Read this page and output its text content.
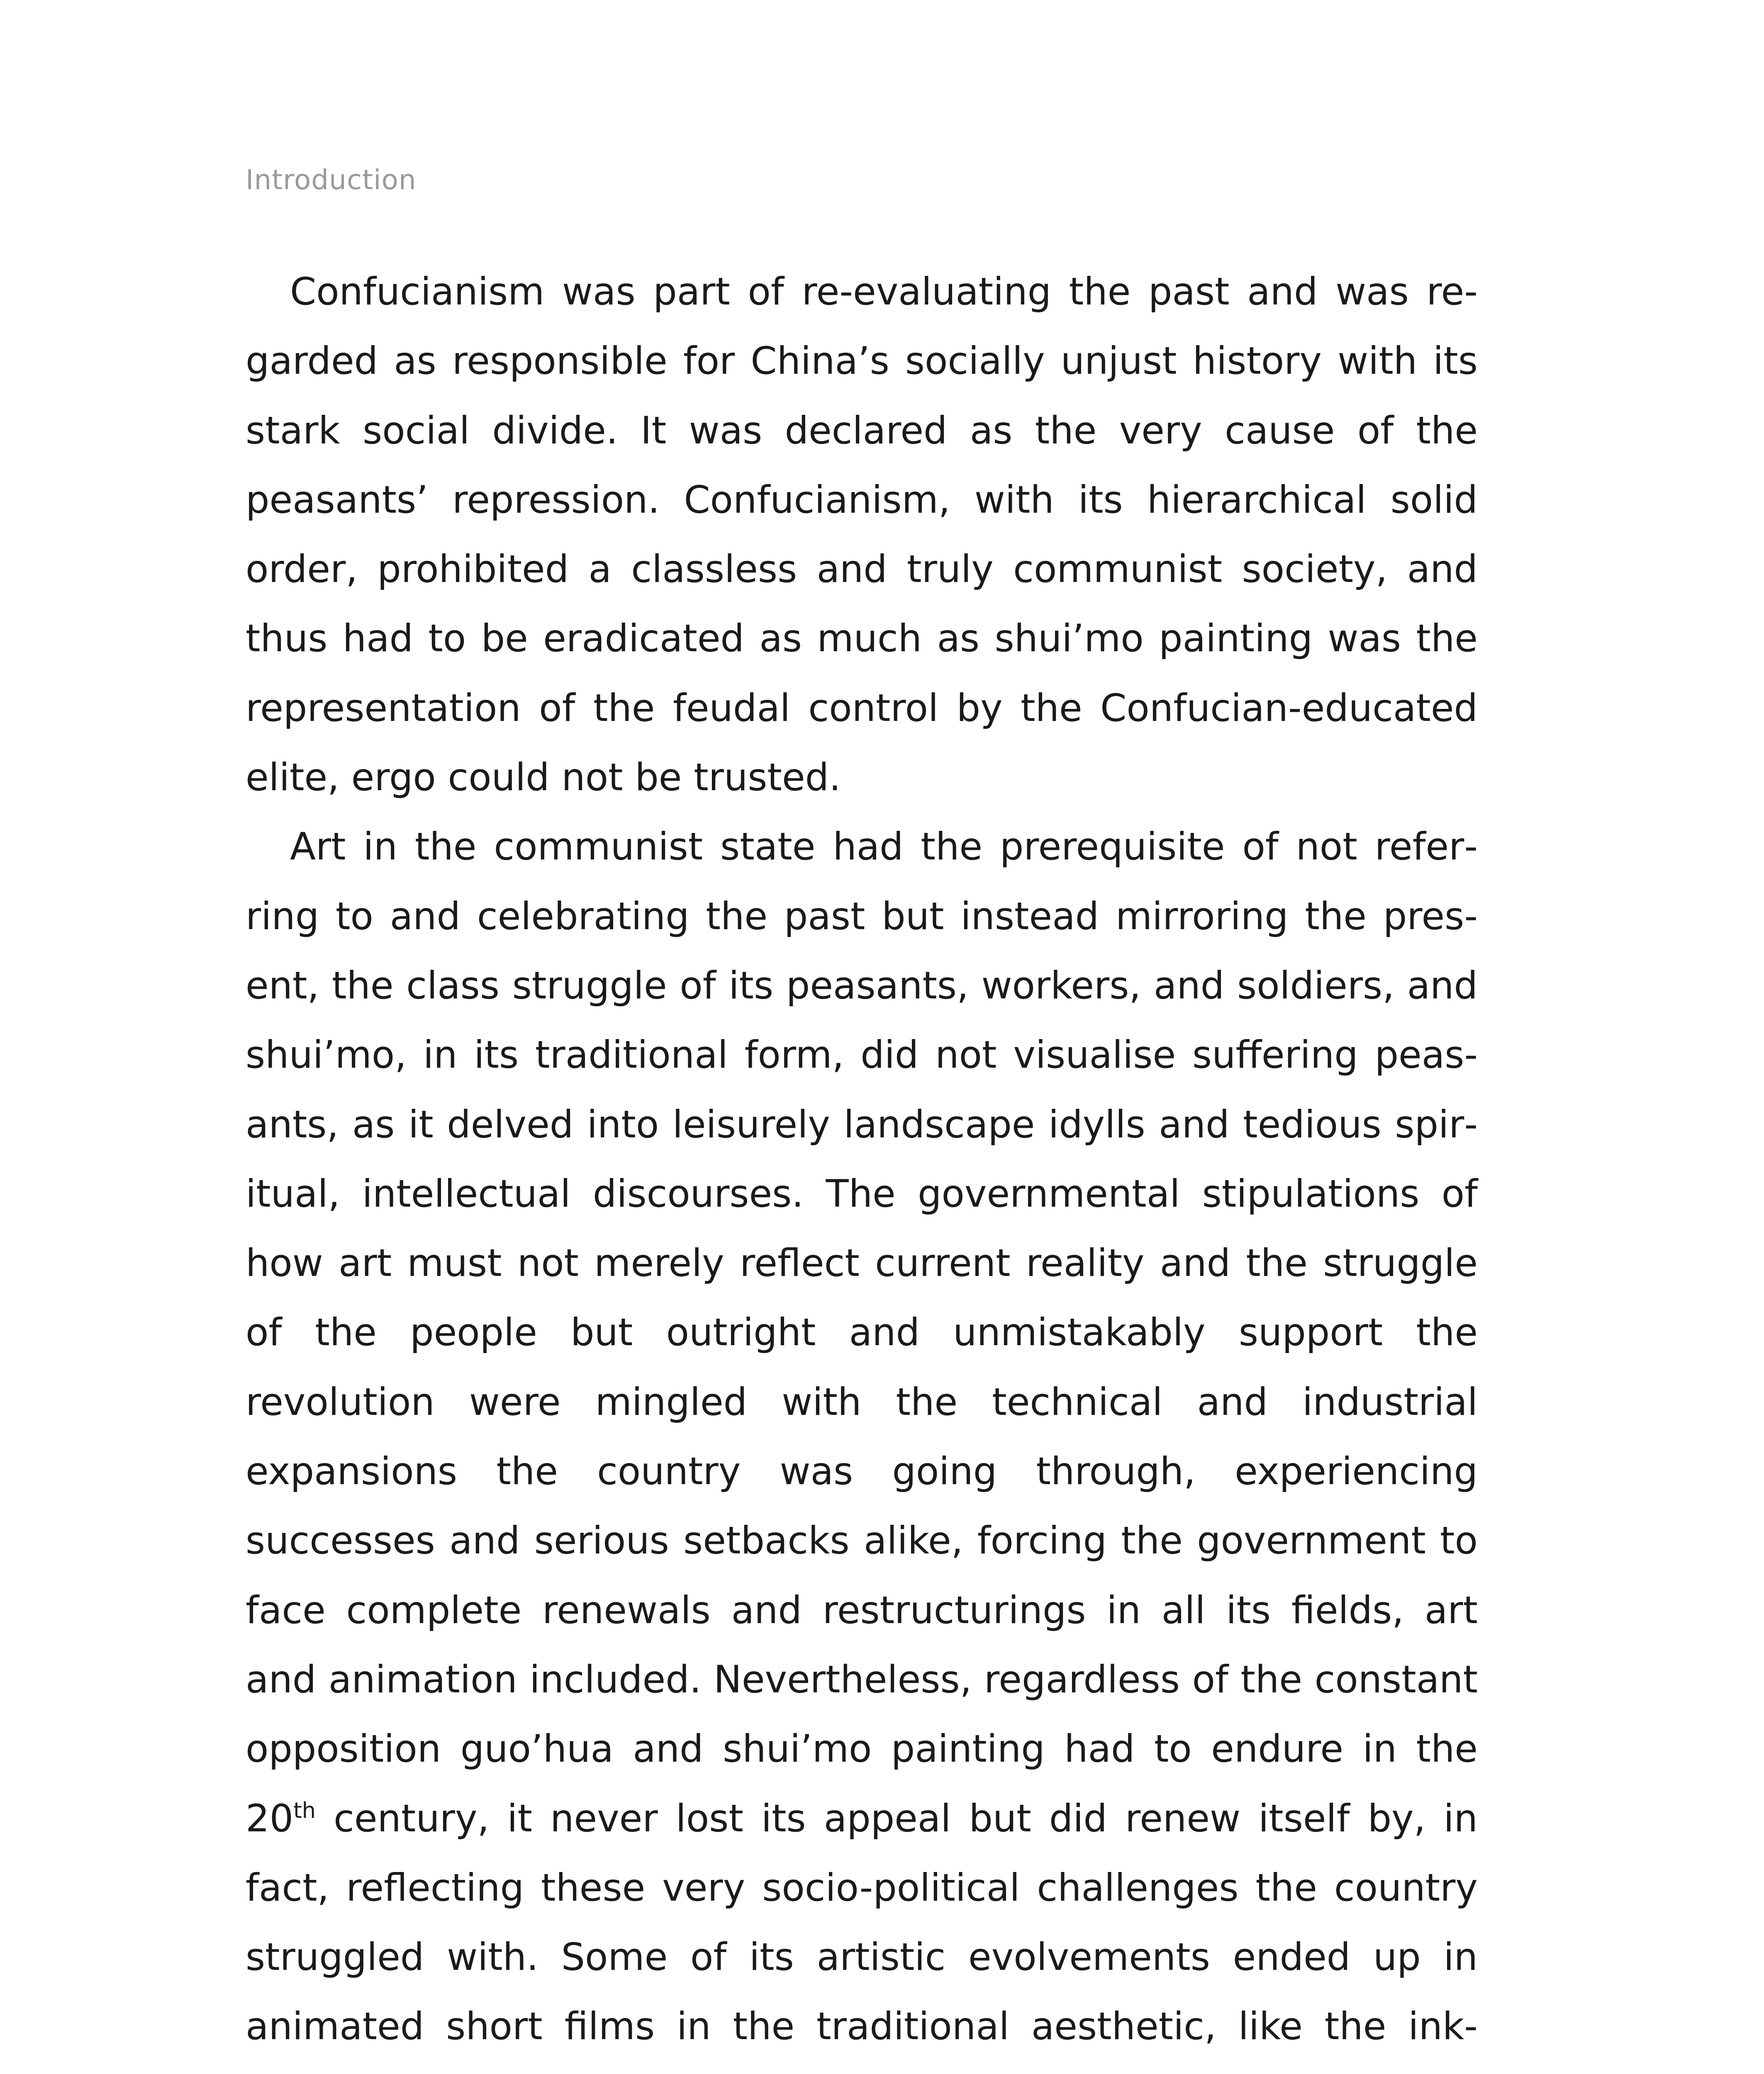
Introduction

Confucianism was part of re-evaluating the past and was regarded as responsible for China’s socially unjust history with its stark social divide. It was declared as the very cause of the peasants’ repression. Confucianism, with its hierarchical solid order, prohibited a classless and truly communist society, and thus had to be eradicated as much as shui’mo painting was the representation of the feudal control by the Confucian-educated elite, ergo could not be trusted.

Art in the communist state had the prerequisite of not referring to and celebrating the past but instead mirroring the present, the class struggle of its peasants, workers, and soldiers, and shui’mo, in its traditional form, did not visualise suffering peasants, as it delved into leisurely landscape idylls and tedious spiritual, intellectual discourses. The governmental stipulations of how art must not merely reflect current reality and the struggle of the people but outright and unmistakably support the revolution were mingled with the technical and industrial expansions the country was going through, experiencing successes and serious setbacks alike, forcing the government to face complete renewals and restructurings in all its fields, art and animation included. Nevertheless, regardless of the constant opposition guo’hua and shui’mo painting had to endure in the 20th century, it never lost its appeal but did renew itself by, in fact, reflecting these very socio-political challenges the country struggled with. Some of its artistic evolvements ended up in animated short films in the traditional aesthetic, like the ink-
